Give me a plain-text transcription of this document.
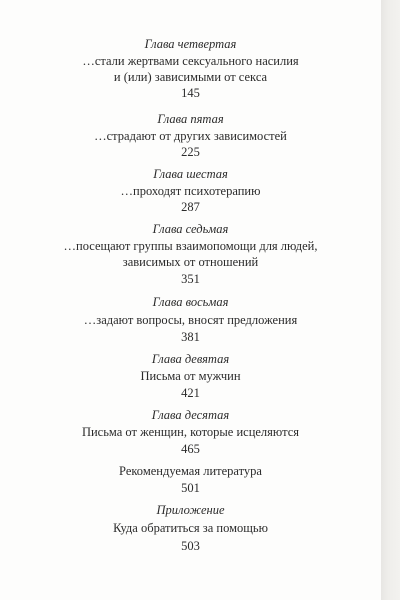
Глава четвертая
…стали жертвами сексуального насилия
и (или) зависимыми от секса
145
Глава пятая
…страдают от других зависимостей
225
Глава шестая
…проходят психотерапию
287
Глава седьмая
…посещают группы взаимопомощи для людей,
зависимых от отношений
351
Глава восьмая
…задают вопросы, вносят предложения
381
Глава девятая
Письма от мужчин
421
Глава десятая
Письма от женщин, которые исцеляются
465
Рекомендуемая литература
501
Приложение
Куда обратиться за помощью
503
